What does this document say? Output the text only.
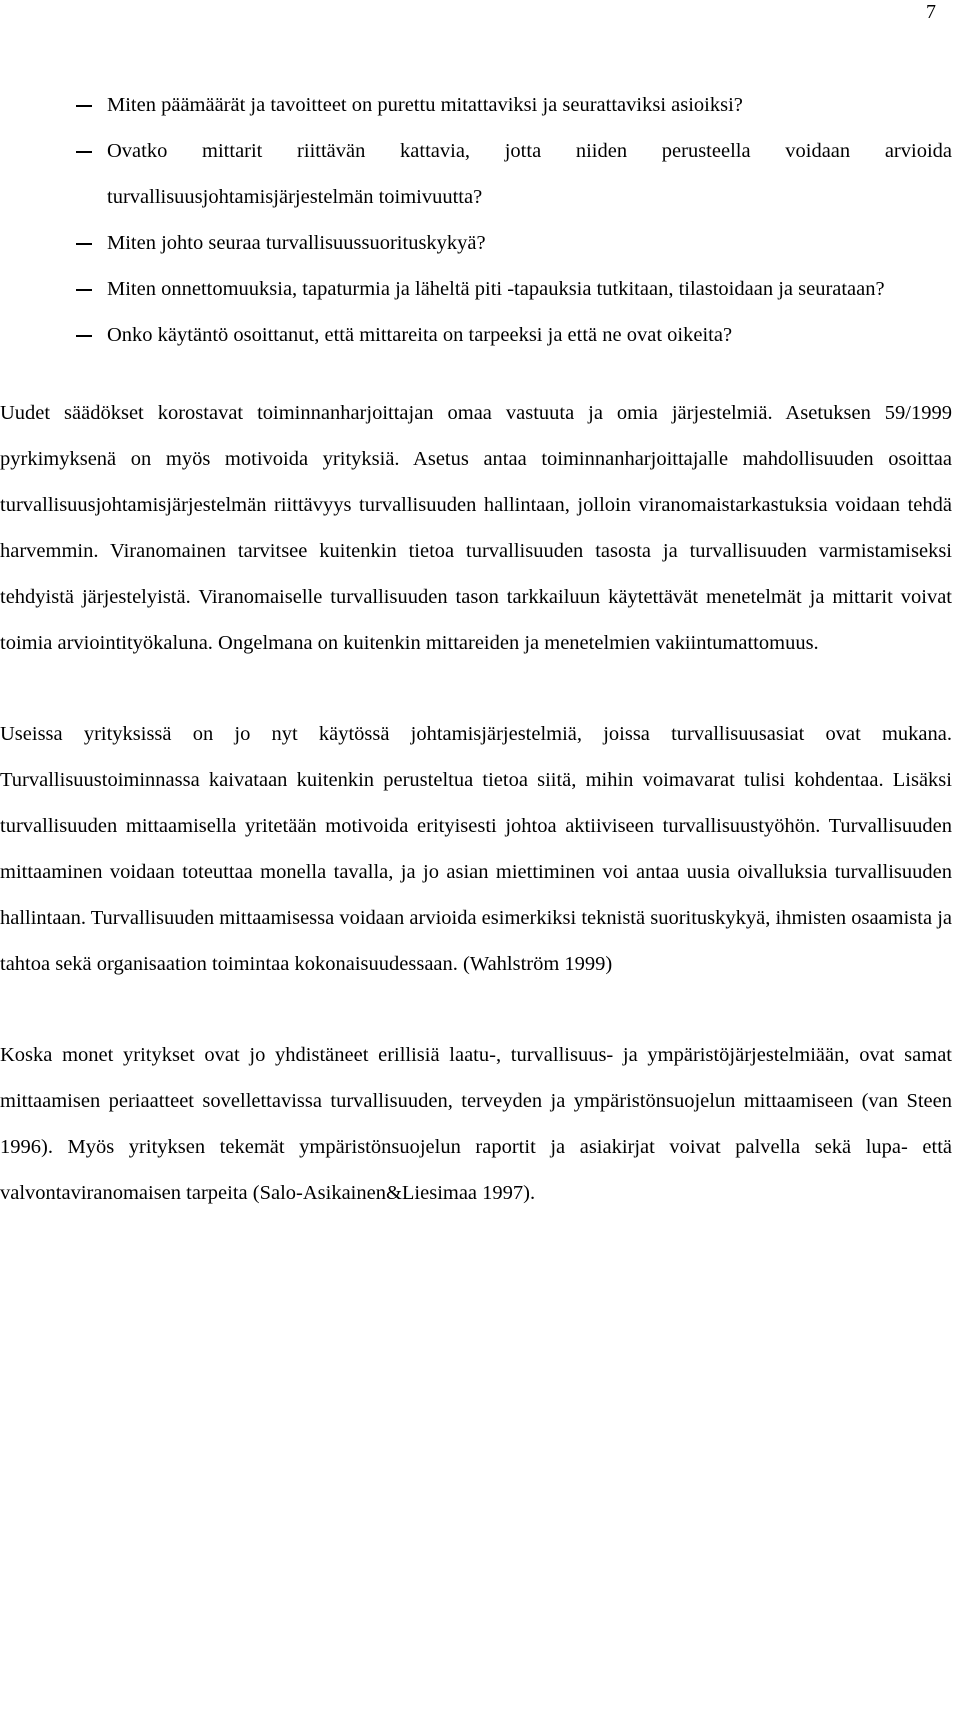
7
Miten päämäärät ja tavoitteet on purettu mitattaviksi ja seurattaviksi asioiksi?
Ovatko mittarit riittävän kattavia, jotta niiden perusteella voidaan arvioida turvallisuusjohtamisjärjestelmän toimivuutta?
Miten johto seuraa turvallisuussuorituskykyä?
Miten onnettomuuksia, tapaturmia ja läheltä piti -tapauksia tutkitaan, tilastoidaan ja seurataan?
Onko käytäntö osoittanut, että mittareita on tarpeeksi ja että ne ovat oikeita?

Uudet säädökset korostavat toiminnanharjoittajan omaa vastuuta ja omia järjestelmiä. Asetuksen 59/1999 pyrkimyksenä on myös motivoida yrityksiä. Asetus antaa toiminnanharjoittajalle mahdollisuuden osoittaa turvallisuusjohtamisjärjestelmän riittävyys turvallisuuden hallintaan, jolloin viranomaistarkastuksia voidaan tehdä harvemmin. Viranomainen tarvitsee kuitenkin tietoa turvallisuuden tasosta ja turvallisuuden varmistamiseksi tehdyistä järjestelyistä. Viranomaiselle turvallisuuden tason tarkkailuun käytettävät menetelmät ja mittarit voivat toimia arviointityökaluna. Ongelmana on kuitenkin mittareiden ja menetelmien vakiintumattomuus.

Useissa yrityksissä on jo nyt käytössä johtamisjärjestelmiä, joissa turvallisuusasiat ovat mukana. Turvallisuustoiminnassa kaivataan kuitenkin perusteltua tietoa siitä, mihin voimavarat tulisi kohdentaa. Lisäksi turvallisuuden mittaamisella yritetään motivoida erityisesti johtoa aktiiviseen turvallisuustyöhön. Turvallisuuden mittaaminen voidaan toteuttaa monella tavalla, ja jo asian miettiminen voi antaa uusia oivalluksia turvallisuuden hallintaan. Turvallisuuden mittaamisessa voidaan arvioida esimerkiksi teknistä suorituskykyä, ihmisten osaamista ja tahtoa sekä organisaation toimintaa kokonaisuudessaan. (Wahlström 1999)

Koska monet yritykset ovat jo yhdistäneet erillisiä laatu-, turvallisuus- ja ympäristöjärjestelmiään, ovat samat mittaamisen periaatteet sovellettavissa turvallisuuden, terveyden ja ympäristönsuojelun mittaamiseen (van Steen 1996). Myös yrityksen tekemät ympäristönsuojelun raportit ja asiakirjat voivat palvella sekä lupa- että valvontaviranomaisen tarpeita (Salo-Asikainen&Liesimaa 1997).
